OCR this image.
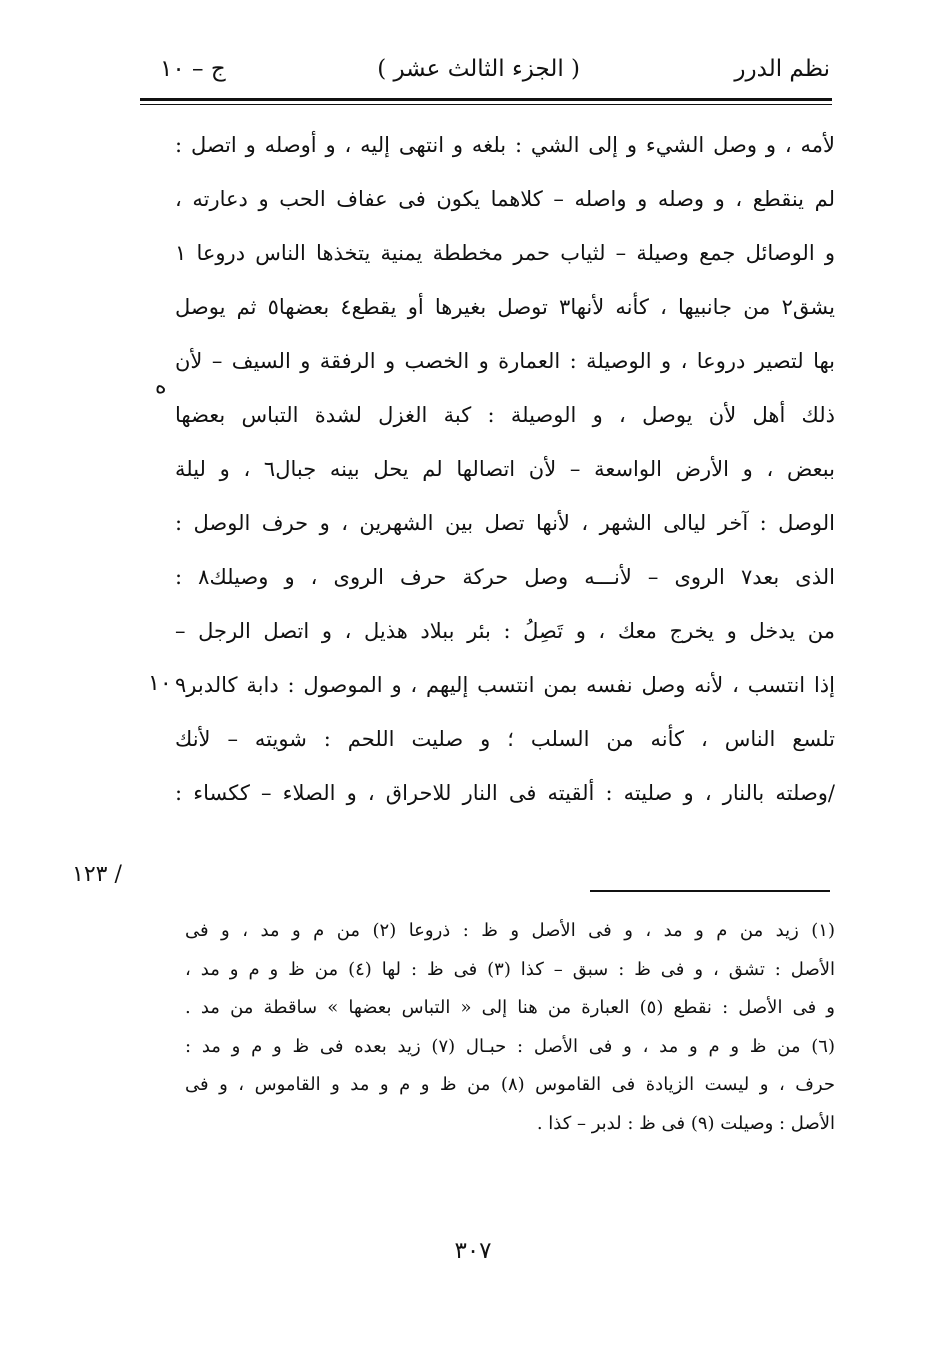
نظم الدرر
( الجزء الثالث عشر )
ج – ١٠
لأمه ، و وصل الشيء و إلى الشي : بلغه و انتهى إليه ، و أوصله و اتصل :
لم ينقطع ، و وصله و واصله – كلاهما يكون فى عفاف الحب و دعارته ،
و الوصائل جمع وصيلة – لثياب حمر مخططة يمنية يتخذها الناس دروعا ١
يشق٢ من جانبيها ، كأنه لأنها٣ توصل بغيرها أو يقطع٤ بعضها٥ ثم يوصل
بها لتصير دروعا ، و الوصيلة : العمارة و الخصب و الرفقة و السيف – لأن
ذلك أهل لأن يوصل ، و الوصيلة : كبة الغزل لشدة التباس بعضها
ببعض ، و الأرض الواسعة – لأن اتصالها لم يحل بينه جبال٦ ، و ليلة
الوصل : آخر ليالى الشهر ، لأنها تصل بين الشهرين ، و حرف الوصل :
الذى بعد٧ الروى – لأنـــه وصل حركة حرف الروى ، و وصيلك٨ :
من يدخل و يخرج معك ، و تَصِلُ : بئر ببلاد هذيل ، و اتصل الرجل –
إذا انتسب ، لأنه وصل نفسه بمن انتسب إليهم ، و الموصول : دابة كالدبر٩
تلسع الناس ، كأنه من السلب ؛ و صليت اللحم : شويته – لأنك
/وصلته بالنار ، و صليته : ألقيته فى النار للاحراق ، و الصلاء – ككساء :
ه
١٠
/ ١٢٣
(١) زيد من م و مد ، و فى الأصل و ظ : ذروعا (٢) من م و مد ، و فى
الأصل : تشق ، و فى ظ : سبق – كذا (٣) فى ظ : لها (٤) من ظ و م و مد ،
و فى الأصل : نقطع (٥) العبارة من هنا إلى « التباس بعضها » ساقطة من مد .
(٦) من ظ و م و مد ، و فى الأصل : حبـال (٧) زيد بعده فى ظ و م و مد :
حرف ، و ليست الزيادة فى القاموس (٨) من ظ و م و مد و القاموس ، و فى
الأصل : وصيلت (٩) فى ظ : لدبر – كذا .
٣٠٧
